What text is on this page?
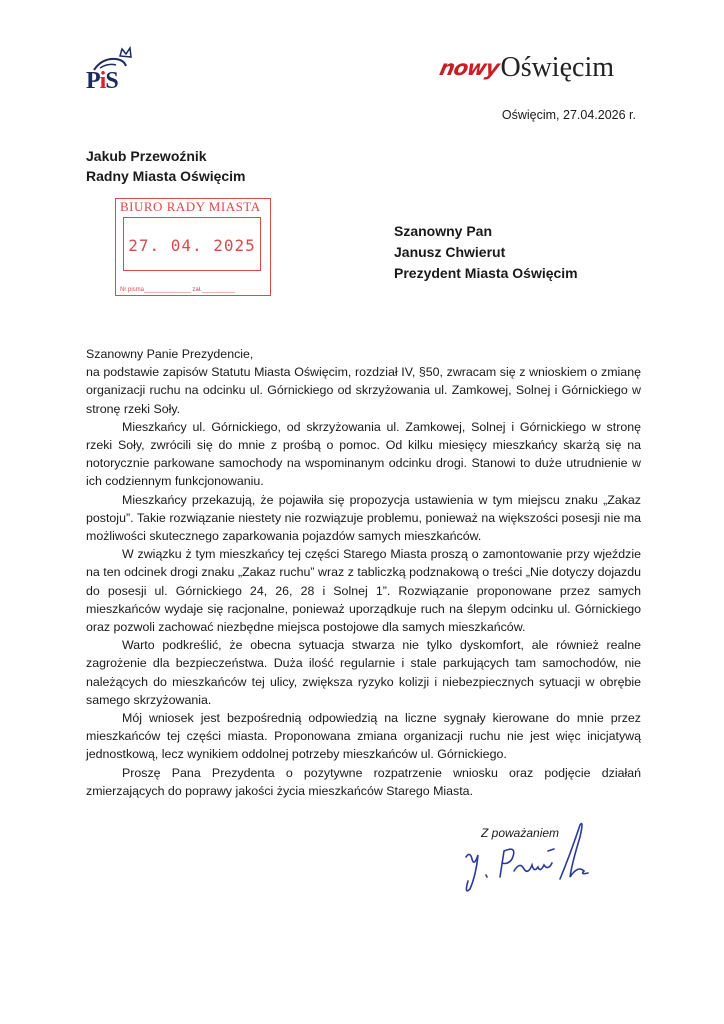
PiS	nowy Oświęcim
Oświęcim, 27.04.2026 r.
Jakub Przewoźnik
Radny Miasta Oświęcim
BIURO RADY MIASTA
27. 04. 2025
Nr pisma______________ zał.__________
Szanowny Pan
Janusz Chwierut
Prezydent Miasta Oświęcim

Szanowny Panie Prezydencie,

na podstawie zapisów Statutu Miasta Oświęcim, rozdział IV, §50, zwracam się z wnioskiem o zmianę organizacji ruchu na odcinku ul. Górnickiego od skrzyżowania ul. Zamkowej, Solnej i Górnickiego w stronę rzeki Soły.

Mieszkańcy ul. Górnickiego, od skrzyżowania ul. Zamkowej, Solnej i Górnickiego w stronę rzeki Soły, zwrócili się do mnie z prośbą o pomoc. Od kilku miesięcy mieszkańcy skarżą się na notorycznie parkowane samochody na wspominanym odcinku drogi. Stanowi to duże utrudnienie w ich codziennym funkcjonowaniu.

Mieszkańcy przekazują, że pojawiła się propozycja ustawienia w tym miejscu znaku „Zakaz postoju”. Takie rozwiązanie niestety nie rozwiązuje problemu, ponieważ na większości posesji nie ma możliwości skutecznego zaparkowania pojazdów samych mieszkańców.

W związku ż tym mieszkańcy tej części Starego Miasta proszą o zamontowanie przy wjeździe na ten odcinek drogi znaku „Zakaz ruchu” wraz z tabliczką podznakową o treści „Nie dotyczy dojazdu do posesji ul. Górnickiego 24, 26, 28 i Solnej 1”. Rozwiązanie proponowane przez samych mieszkańców wydaje się racjonalne, ponieważ uporządkuje ruch na ślepym odcinku ul. Górnickiego oraz pozwoli zachować niezbędne miejsca postojowe dla samych mieszkańców.

Warto podkreślić, że obecna sytuacja stwarza nie tylko dyskomfort, ale również realne zagrożenie dla bezpieczeństwa. Duża ilość regularnie i stale parkujących tam samochodów, nie należących do mieszkańców tej ulicy, zwiększa ryzyko kolizji i niebezpiecznych sytuacji w obrębie samego skrzyżowania.

Mój wniosek jest bezpośrednią odpowiedzią na liczne sygnały kierowane do mnie przez mieszkańców tej części miasta. Proponowana zmiana organizacji ruchu nie jest więc inicjatywą jednostkową, lecz wynikiem oddolnej potrzeby mieszkańców ul. Górnickiego.

Proszę Pana Prezydenta o pozytywne rozpatrzenie wniosku oraz podjęcie działań zmierzających do poprawy jakości życia mieszkańców Starego Miasta.

Z poważaniem
